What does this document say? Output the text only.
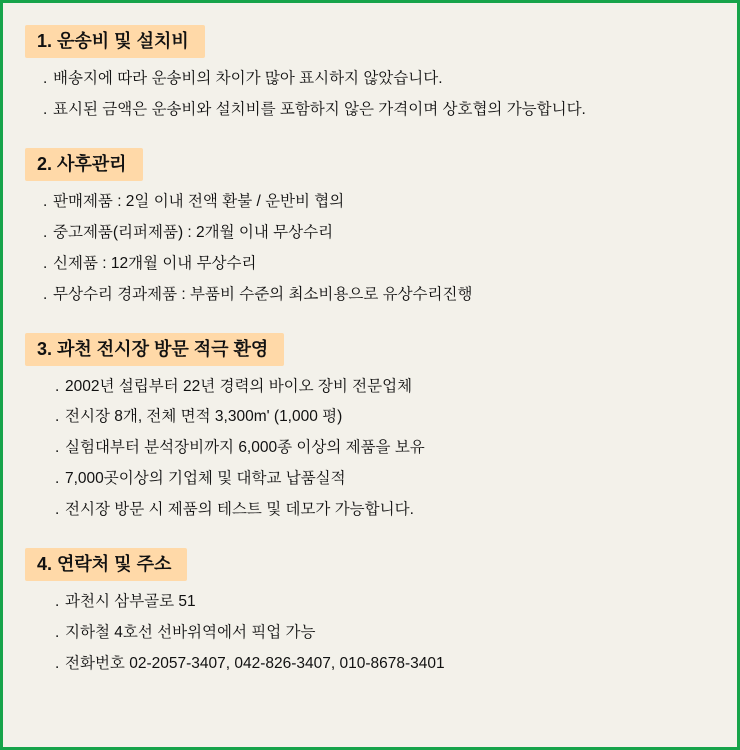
1. 운송비 및 설치비
. 배송지에 따라 운송비의 차이가 많아 표시하지 않았습니다.
. 표시된 금액은 운송비와 설치비를 포함하지 않은 가격이며 상호협의 가능합니다.
2. 사후관리
. 판매제품 : 2일 이내 전액 환불 / 운반비 협의
. 중고제품(리퍼제품) : 2개월 이내 무상수리
. 신제품 : 12개월 이내 무상수리
. 무상수리 경과제품 : 부품비 수준의 최소비용으로 유상수리진행
3. 과천 전시장 방문 적극 환영
. 2002년 설립부터 22년 경력의 바이오 장비 전문업체
. 전시장 8개, 전체 면적 3,300m' (1,000 평)
. 실험대부터 분석장비까지 6,000종 이상의 제품을 보유
. 7,000곳이상의 기업체 및 대학교 납품실적
. 전시장 방문 시 제품의 테스트 및 데모가 가능합니다.
4. 연락처 및 주소
. 과천시 삼부골로 51
. 지하철 4호선 선바위역에서 픽업 가능
. 전화번호 02-2057-3407, 042-826-3407, 010-8678-3401
